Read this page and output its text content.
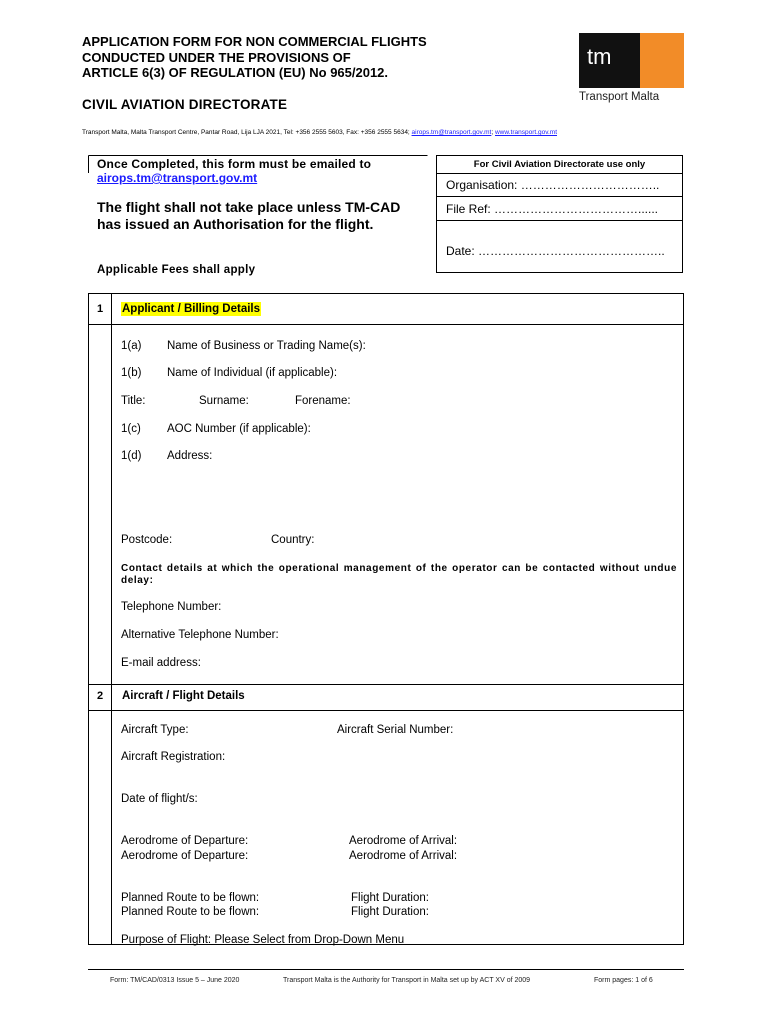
APPLICATION FORM FOR NON COMMERCIAL FLIGHTS
CONDUCTED UNDER THE PROVISIONS OF
ARTICLE 6(3) OF REGULATION (EU) No 965/2012.
CIVIL AVIATION DIRECTORATE
tm
Transport Malta
Transport Malta, Malta Transport Centre, Pantar Road, Lija LJA 2021, Tel: +356 2555 5603, Fax: +356 2555 5634; airops.tm@transport.gov.mt; www.transport.gov.mt
Once Completed, this form must be emailed to
airops.tm@transport.gov.mt
The flight shall not take place unless TM-CAD has issued an Authorisation for the flight.
Applicable Fees shall apply
For Civil Aviation Directorate use only
Organisation: ……………………………..
File Ref: ………………………………......
Date: ………………………………………..
1 Applicant / Billing Details
1(a) Name of Business or Trading Name(s):
1(b) Name of Individual (if applicable):
Title:	Surname:	Forename:
1(c) AOC Number (if applicable):
1(d) Address:
Postcode:	Country:
Contact details at which the operational management of the operator can be contacted without undue delay:
Telephone Number:
Alternative Telephone Number:
E-mail address:
2 Aircraft / Flight Details
Aircraft Type:	Aircraft Serial Number:
Aircraft Registration:
Date of flight/s:
Aerodrome of Departure:	Aerodrome of Arrival:
Aerodrome of Departure:	Aerodrome of Arrival:
Planned Route to be flown:	Flight Duration:
Planned Route to be flown:	Flight Duration:
Purpose of Flight: Please Select from Drop-Down Menu
Form: TM/CAD/0313 Issue 5 – June 2020	Transport Malta is the Authority for Transport in Malta set up by ACT XV of 2009	Form pages: 1 of 6
